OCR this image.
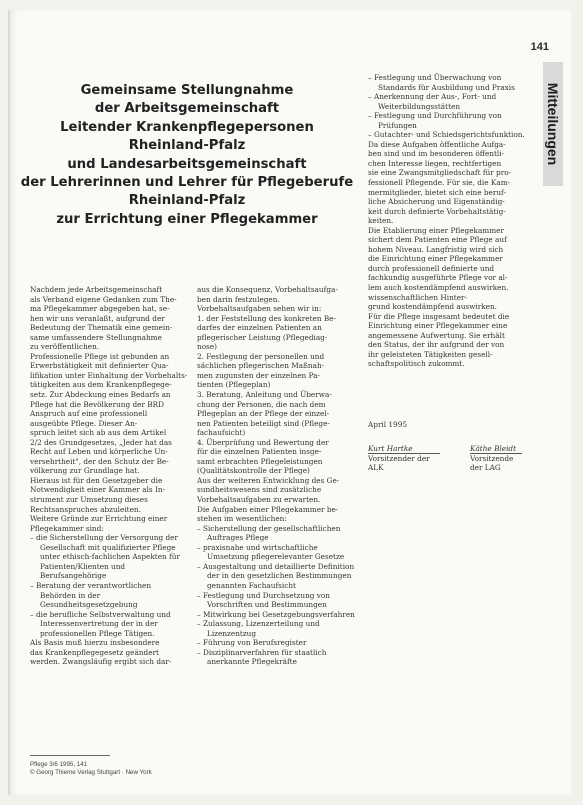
141
Mitteilungen
Gemeinsame Stellungnahme
der Arbeitsgemeinschaft
Leitender Krankenpflegepersonen
Rheinland-Pfalz
und Landesarbeitsgemeinschaft
der Lehrerinnen und Lehrer für Pflegeberufe
Rheinland-Pfalz
zur Errichtung einer Pflegekammer
Nachdem jede Arbeitsgemeinschaft
als Verband eigene Gedanken zum The-
ma Pflegekammer abgegeben hat, se-
hen wir uns veranlaßt, aufgrund der
Bedeutung der Thematik eine gemein-
same umfassendere Stellungnahme
zu veröffentlichen.
Professionelle Pflege ist gebunden an
Erwerbstätigkeit mit definierter Qua-
lifikation unter Einhaltung der Vorbehalts-
tätigkeiten aus dem Krankenpflegege-
setz. Zur Abdeckung eines Bedarfs an
Pflege hat die Bevölkerung der BRD
Anspruch auf eine professionell
ausgeübte Pflege. Dieser An-
spruch leitet sich ab aus dem Artikel
2/2 des Grundgesetzes, „Jeder hat das
Recht auf Leben und körperliche Un-
versehrtheit", der den Schutz der Be-
völkerung zur Grundlage hat.
Hieraus ist für den Gesetzgeber die
Notwendigkeit einer Kammer als In-
strument zur Umsetzung dieses
Rechtsanspruches abzuleiten.
Weitere Gründe zur Errichtung einer
Pflegekammer sind:
– die Sicherstellung der Versorgung der Gesellschaft mit qualifizierter Pflege unter ethisch-fachlichen Aspekten für Patienten/Klienten und Berufsangehörige
– Beratung der verantwortlichen Behörden in der Gesundheitsgesetzgebung
– die berufliche Selbstverwaltung und Interessenvertretung der in der professionellen Pflege Tätigen.
Als Basis muß hierzu insbesondere
das Krankenpflegegesetz geändert
werden. Zwangsläufig ergibt sich dar-
aus die Konsequenz, Vorbehaltsaufga-
ben darin festzulegen.
Vorbehaltsaufgaben sehen wir in:
1. der Feststellung des konkreten Be-
darfes der einzelnen Patienten an
pflegerischer Leistung (Pflegediag-
nose)
2. Festlegung der personellen und
sächlichen pflegerischen Maßnah-
men zugunsten der einzelnen Pa-
tienten (Pflegeplan)
3. Beratung, Anleitung und Überwa-
chung der Personen, die nach dem
Pflegeplan an der Pflege der einzel-
nen Patienten beteiligt sind (Pflege-
fachaufsicht)
4. Überprüfung und Bewertung der
für die einzelnen Patienten insge-
samt erbrachten Pflegeleistungen
(Qualitätskontrolle der Pflege)
Aus der weiteren Entwicklung des Ge-
sundheitswesens sind zusätzliche
Vorbehaltsaufgaben zu erwarten.
Die Aufgaben einer Pflegekammer be-
stehen im wesentlichen:
– Sicherstellung der gesellschaftlichen Auftrages Pflege
– praxisnahe und wirtschaftliche Umsetzung pflegerelevanter Gesetze
– Ausgestaltung und detaillierte Definition der in den gesetzlichen Bestimmungen genannten Fachaufsicht
– Festlegung und Durchsetzung von Vorschriften und Bestimmungen
– Mitwirkung bei Gesetzgebungsverfahren
– Zulassung, Lizenzerteilung und Lizenzentzug
– Führung von Berufsregister
– Disziplinarverfahren für staatlich anerkannte Pflegekräfte
– Festlegung und Überwachung von Standards für Ausbildung und Praxis
– Anerkennung der Aus-, Fort- und Weiterbildungsstätten
– Festlegung und Durchführung von Prüfungen
– Gutachter- und Schiedsgerichtsfunktion.
Da diese Aufgaben öffentliche Aufga-
ben sind und im besonderen öffentli-
chen Interesse liegen, rechtfertigen
sie eine Zwangsmitgliedschaft für pro-
fessionell Pflegende. Für sie, die Kam-
mermitglieder, bietet sich eine beruf-
liche Absicherung und Eigenständig-
keit durch definierte Vorbehaltstätig-
keiten.
Die Etablierung einer Pflegekammer
sichert dem Patienten eine Pflege auf
hohem Niveau. Langfristig wird sich
die Einrichtung einer Pflegekammer
durch professionell definierte und
fachkundig ausgeführte Pflege vor al-
lem auch kostendämpfend auswirken.
wissenschaftlichen Hinter-
grund kostendämpfend auswirken.
Für die Pflege insgesamt bedeutet die
Einrichtung einer Pflegekammer eine
angemessene Aufwertung. Sie erhält
den Status, der ihr aufgrund der von
ihr geleisteten Tätigkeiten gesell-
schaftspolitisch zukommt.
April 1995
Kurt Hartke
Vorsitzender der
ALK
Käthe Bleidt
Vorsitzende
der LAG
Pflege 3/6 1995, 141
© Georg Thieme Verlag Stuttgart · New York
